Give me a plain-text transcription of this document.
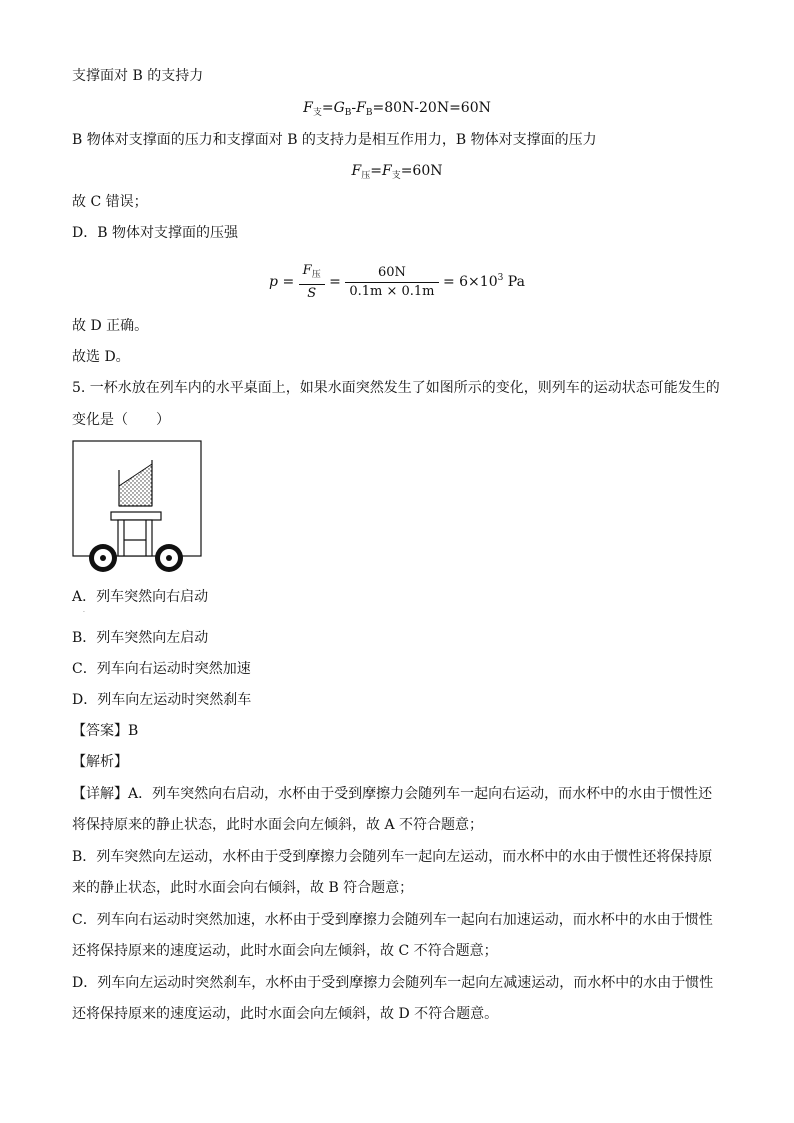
支撑面对 B 的支持力
$F_支=G_B-F_B=80N-20N=60N$
B 物体对支撑面的压力和支撑面对 B 的支持力是相互作用力，B 物体对支撑面的压力
$F_压=F_支=60N$
故 C 错误；
D．B 物体对支撑面的压强
$p = \frac{F_压}{S} = \frac{60N}{0.1m \times 0.1m} = 6\times 10^3$ Pa
故 D 正确。
故选 D。
5. 一杯水放在列车内的水平桌面上，如果水面突然发生了如图所示的变化，则列车的运动状态可能发生的
变化是（　　）
A．列车突然向右启动
·
B．列车突然向左启动
C．列车向右运动时突然加速
D．列车向左运动时突然刹车
【答案】B
【解析】
【详解】A．列车突然向右启动，水杯由于受到摩擦力会随列车一起向右运动，而水杯中的水由于惯性还
将保持原来的静止状态，此时水面会向左倾斜，故 A 不符合题意；
B．列车突然向左运动，水杯由于受到摩擦力会随列车一起向左运动，而水杯中的水由于惯性还将保持原
来的静止状态，此时水面会向右倾斜，故 B 符合题意；
C．列车向右运动时突然加速，水杯由于受到摩擦力会随列车一起向右加速运动，而水杯中的水由于惯性
还将保持原来的速度运动，此时水面会向左倾斜，故 C 不符合题意；
D．列车向左运动时突然刹车，水杯由于受到摩擦力会随列车一起向左减速运动，而水杯中的水由于惯性
还将保持原来的速度运动，此时水面会向左倾斜，故 D 不符合题意。
